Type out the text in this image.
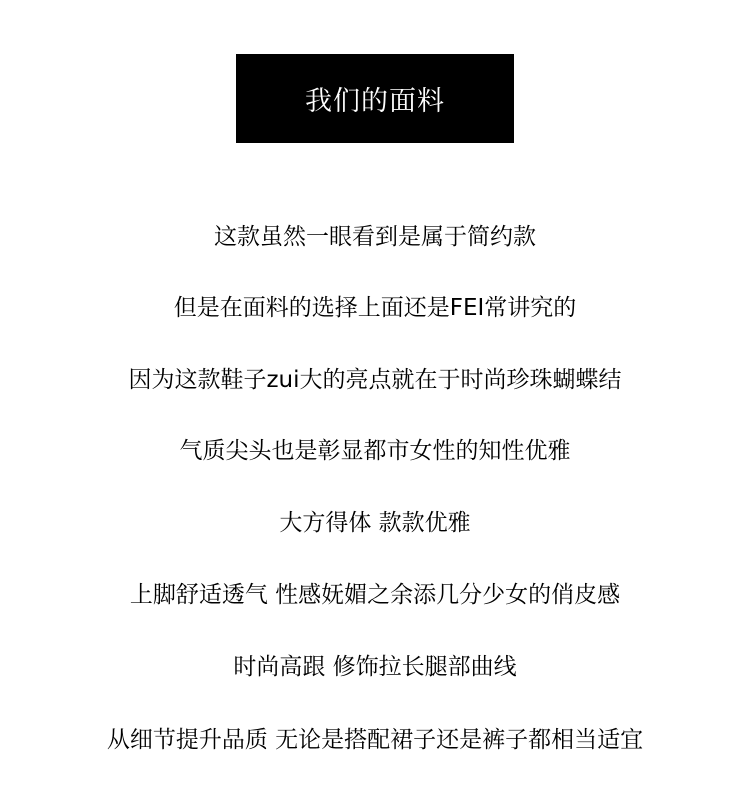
我们的面料
这款虽然一眼看到是属于简约款
但是在面料的选择上面还是FEI常讲究的
因为这款鞋子zui大的亮点就在于时尚珍珠蝴蝶结
气质尖头也是彰显都市女性的知性优雅
大方得体 款款优雅
上脚舒适透气 性感妩媚之余添几分少女的俏皮感
时尚高跟 修饰拉长腿部曲线
从细节提升品质 无论是搭配裙子还是裤子都相当适宜
